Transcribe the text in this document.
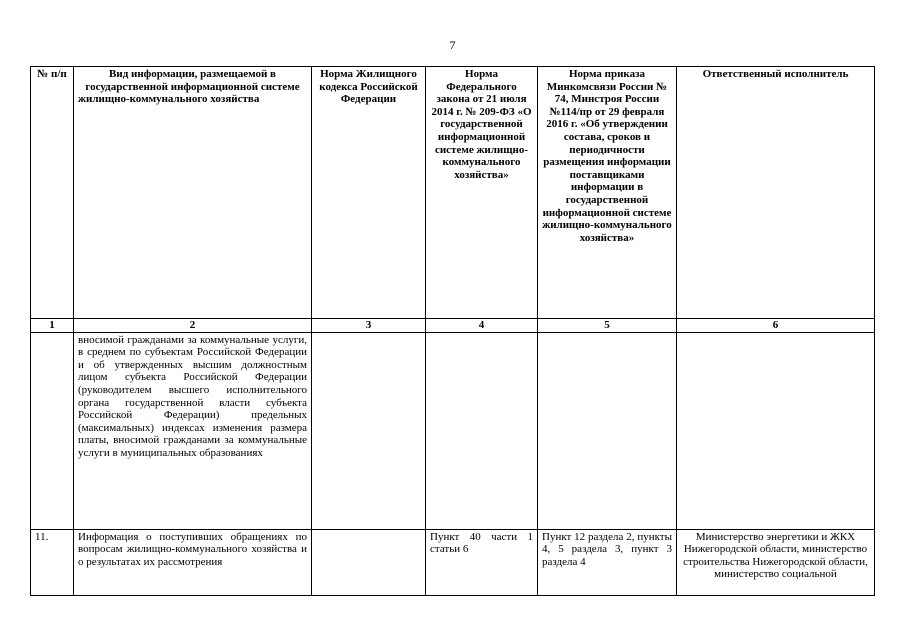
7
№ п/п	Вид информации, размещаемой в государственной информационной системе жилищно-коммунального хозяйства	Норма Жилищного кодекса Российской Федерации	Норма Федерального закона от 21 июля 2014 г. № 209-ФЗ «О государственной информационной системе жилищно-коммунального хозяйства»	Норма приказа Минкомсвязи России № 74, Минстроя России №114/пр от 29 февраля 2016 г. «Об утверждении состава, сроков и периодичности размещения информации поставщиками информации в государственной информационной системе жилищно-коммунального хозяйства»	Ответственный исполнитель
1	2	3	4	5	6
	вносимой гражданами за коммунальные услуги, в среднем по субъектам Российской Федерации и об утвержденных высшим должностным лицом субъекта Российской Федерации (руководителем высшего исполнительного органа государственной власти субъекта Российской Федерации) предельных (максимальных) индексах изменения размера платы, вносимой гражданами за коммунальные услуги в муниципальных образованиях				
11.	Информация о поступивших обращениях по вопросам жилищно-коммунального хозяйства и о результатах их рассмотрения		Пункт 40 части 1 статьи 6	Пункт 12 раздела 2, пункты 4, 5 раздела 3, пункт 3 раздела 4	Министерство энергетики и ЖКХ Нижегородской области, министерство строительства Нижегородской области, министерство социальной
